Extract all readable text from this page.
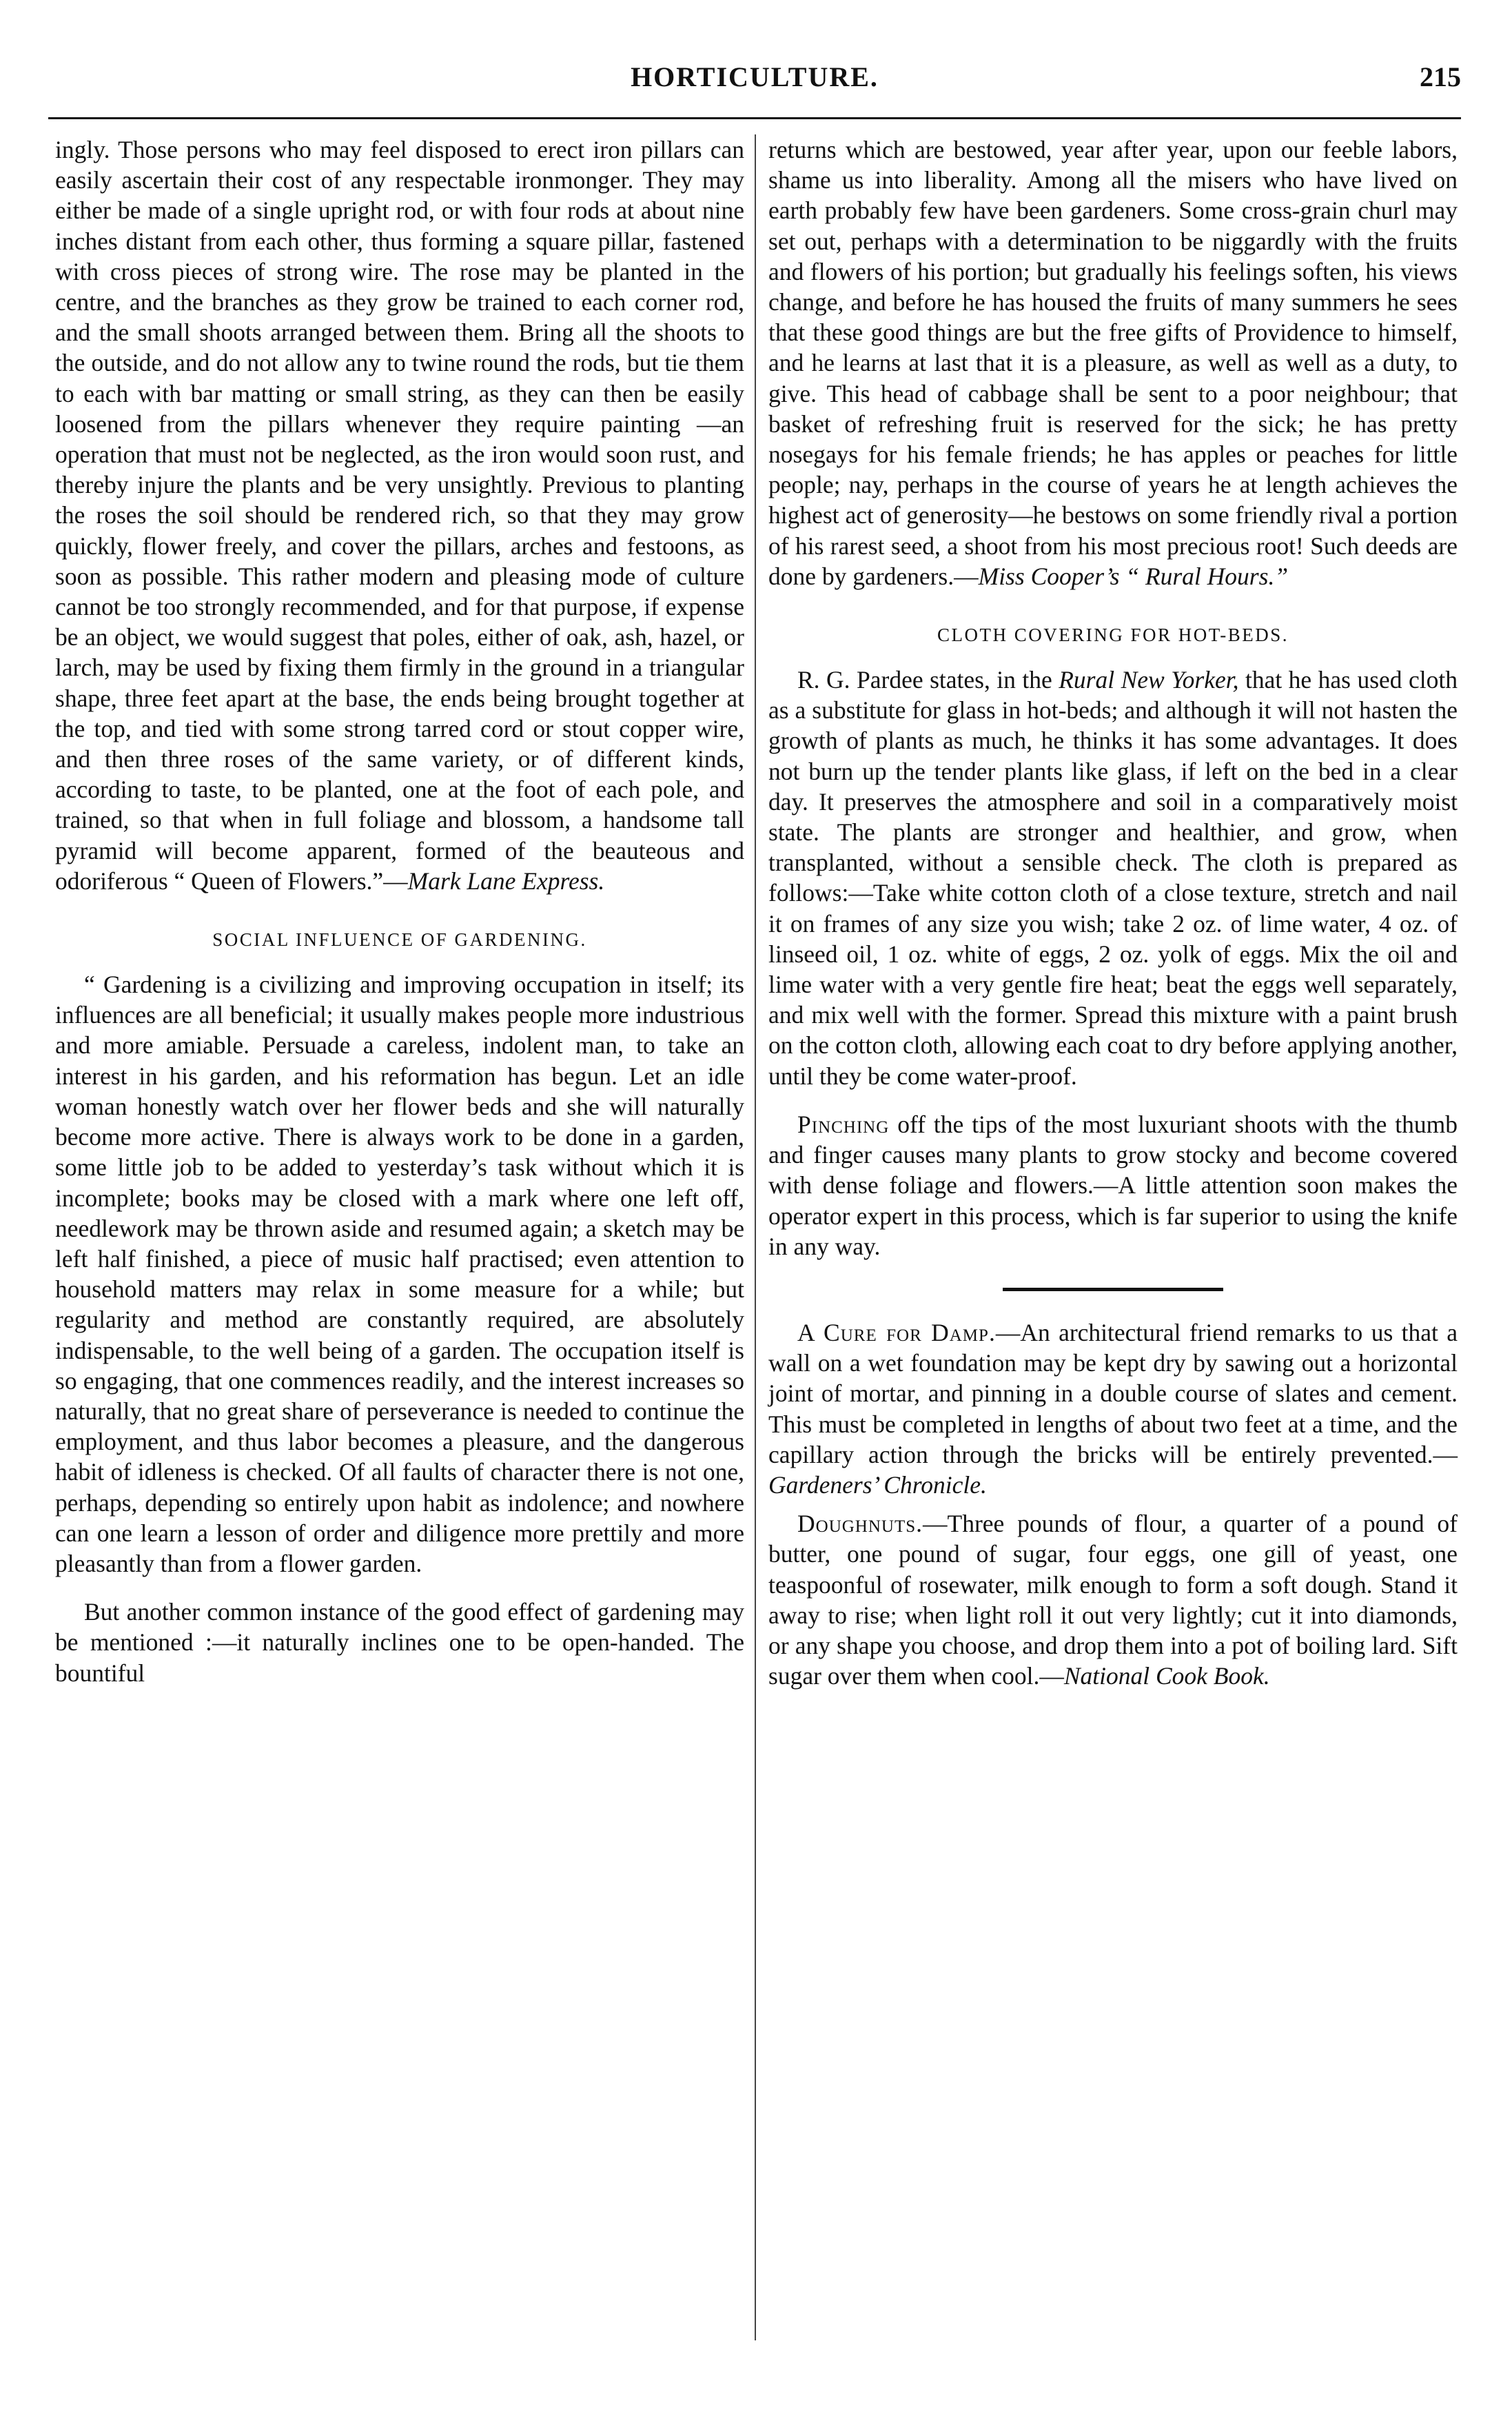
HORTICULTURE.	215

ingly. Those persons who may feel disposed to erect iron pillars can easily ascertain their cost of any respectable ironmonger. They may either be made of a single upright rod, or with four rods at about nine inches distant from each other, thus forming a square pillar, fastened with cross pieces of strong wire. The rose may be planted in the centre, and the branches as they grow be trained to each corner rod, and the small shoots arranged between them. Bring all the shoots to the outside, and do not allow any to twine round the rods, but tie them to each with bar matting or small string, as they can then be easily loosened from the pillars whenever they require painting —an operation that must not be neglected, as the iron would soon rust, and thereby injure the plants and be very unsightly. Previous to planting the roses the soil should be rendered rich, so that they may grow quickly, flower freely, and cover the pillars, arches and festoons, as soon as possible. This rather modern and pleasing mode of culture cannot be too strongly recommended, and for that purpose, if expense be an object, we would suggest that poles, either of oak, ash, hazel, or larch, may be used by fixing them firmly in the ground in a triangular shape, three feet apart at the base, the ends being brought together at the top, and tied with some strong tarred cord or stout copper wire, and then three roses of the same variety, or of different kinds, according to taste, to be planted, one at the foot of each pole, and trained, so that when in full foliage and blossom, a handsome tall pyramid will become apparent, formed of the beauteous and odoriferous “ Queen of Flowers.”—Mark Lane Express.

SOCIAL INFLUENCE OF GARDENING.

“ Gardening is a civilizing and improving occupation in itself; its influences are all beneficial; it usually makes people more industrious and more amiable. Persuade a careless, indolent man, to take an interest in his garden, and his reformation has begun. Let an idle woman honestly watch over her flower beds and she will naturally become more active. There is always work to be done in a garden, some little job to be added to yesterday’s task without which it is incomplete; books may be closed with a mark where one left off, needlework may be thrown aside and resumed again; a sketch may be left half finished, a piece of music half practised; even attention to household matters may relax in some measure for a while; but regularity and method are constantly required, are absolutely indispensable, to the well being of a garden. The occupation itself is so engaging, that one commences readily, and the interest increases so naturally, that no great share of perseverance is needed to continue the employment, and thus labor becomes a pleasure, and the dangerous habit of idleness is checked. Of all faults of character there is not one, perhaps, depending so entirely upon habit as indolence; and nowhere can one learn a lesson of order and diligence more prettily and more pleasantly than from a flower garden.

But another common instance of the good effect of gardening may be mentioned :—it naturally inclines one to be open-handed. The bountiful

returns which are bestowed, year after year, upon our feeble labors, shame us into liberality. Among all the misers who have lived on earth probably few have been gardeners. Some cross-grain churl may set out, perhaps with a determination to be niggardly with the fruits and flowers of his portion; but gradually his feelings soften, his views change, and before he has housed the fruits of many summers he sees that these good things are but the free gifts of Providence to himself, and he learns at last that it is a pleasure, as well as well as a duty, to give. This head of cabbage shall be sent to a poor neighbour; that basket of refreshing fruit is reserved for the sick; he has pretty nosegays for his female friends; he has apples or peaches for little people; nay, perhaps in the course of years he at length achieves the highest act of generosity—he bestows on some friendly rival a portion of his rarest seed, a shoot from his most precious root! Such deeds are done by gardeners.—Miss Cooper’s “ Rural Hours.”

CLOTH COVERING FOR HOT-BEDS.

R. G. Pardee states, in the Rural New Yorker, that he has used cloth as a substitute for glass in hot-beds; and although it will not hasten the growth of plants as much, he thinks it has some advantages. It does not burn up the tender plants like glass, if left on the bed in a clear day. It preserves the atmosphere and soil in a comparatively moist state. The plants are stronger and healthier, and grow, when transplanted, without a sensible check. The cloth is prepared as follows:—Take white cotton cloth of a close texture, stretch and nail it on frames of any size you wish; take 2 oz. of lime water, 4 oz. of linseed oil, 1 oz. white of eggs, 2 oz. yolk of eggs. Mix the oil and lime water with a very gentle fire heat; beat the eggs well separately, and mix well with the former. Spread this mixture with a paint brush on the cotton cloth, allowing each coat to dry before applying another, until they be come water-proof.

Pinching off the tips of the most luxuriant shoots with the thumb and finger causes many plants to grow stocky and become covered with dense foliage and flowers.—A little attention soon makes the operator expert in this process, which is far superior to using the knife in any way.

A Cure for Damp.—An architectural friend remarks to us that a wall on a wet foundation may be kept dry by sawing out a horizontal joint of mortar, and pinning in a double course of slates and cement. This must be completed in lengths of about two feet at a time, and the capillary action through the bricks will be entirely prevented.—Gardeners’ Chronicle.

Doughnuts.—Three pounds of flour, a quarter of a pound of butter, one pound of sugar, four eggs, one gill of yeast, one teaspoonful of rosewater, milk enough to form a soft dough. Stand it away to rise; when light roll it out very lightly; cut it into diamonds, or any shape you choose, and drop them into a pot of boiling lard. Sift sugar over them when cool.—National Cook Book.
